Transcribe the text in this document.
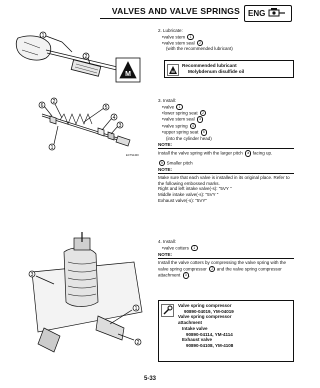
VALVES AND VALVE SPRINGS ENG
M
1
2
6
2
5
4
3
1
ECTS1400
3
1
2

2. Lubricate:

•valve stem 1

•valve stem seal 2

(with the recommended lubricant)

M
Recommended lubricant
Molybdenum disulfide oil

3. Install:

•valve 1

•lower spring seat 2

•valve stem seal 3

•valve spring 4

•upper spring seat 5

(into the cylinder head)

NOTE:

Install the valve spring with the larger pitch a facing up.

b Smaller pitch

NOTE:

Make sure that each valve is installed in its original place. Refer to the following embossed marks.

Right and left intake valve(-s): "5VY "

Middle intake valve(-s): "5VY "

Exhaust valve(-s): "5VY"

4. Install:

•valve cotters 1

NOTE:

Install the valve cotters by compressing the valve spring with the valve spring compressor 2 and the valve spring compressor attachment 3 .

Valve spring compressor
90890-04019, YM-04019
Valve spring compressor
attachment
Intake valve
90890-04114, YM-4114
Exhaust valve
90890-04108, YM-4108
5-33
